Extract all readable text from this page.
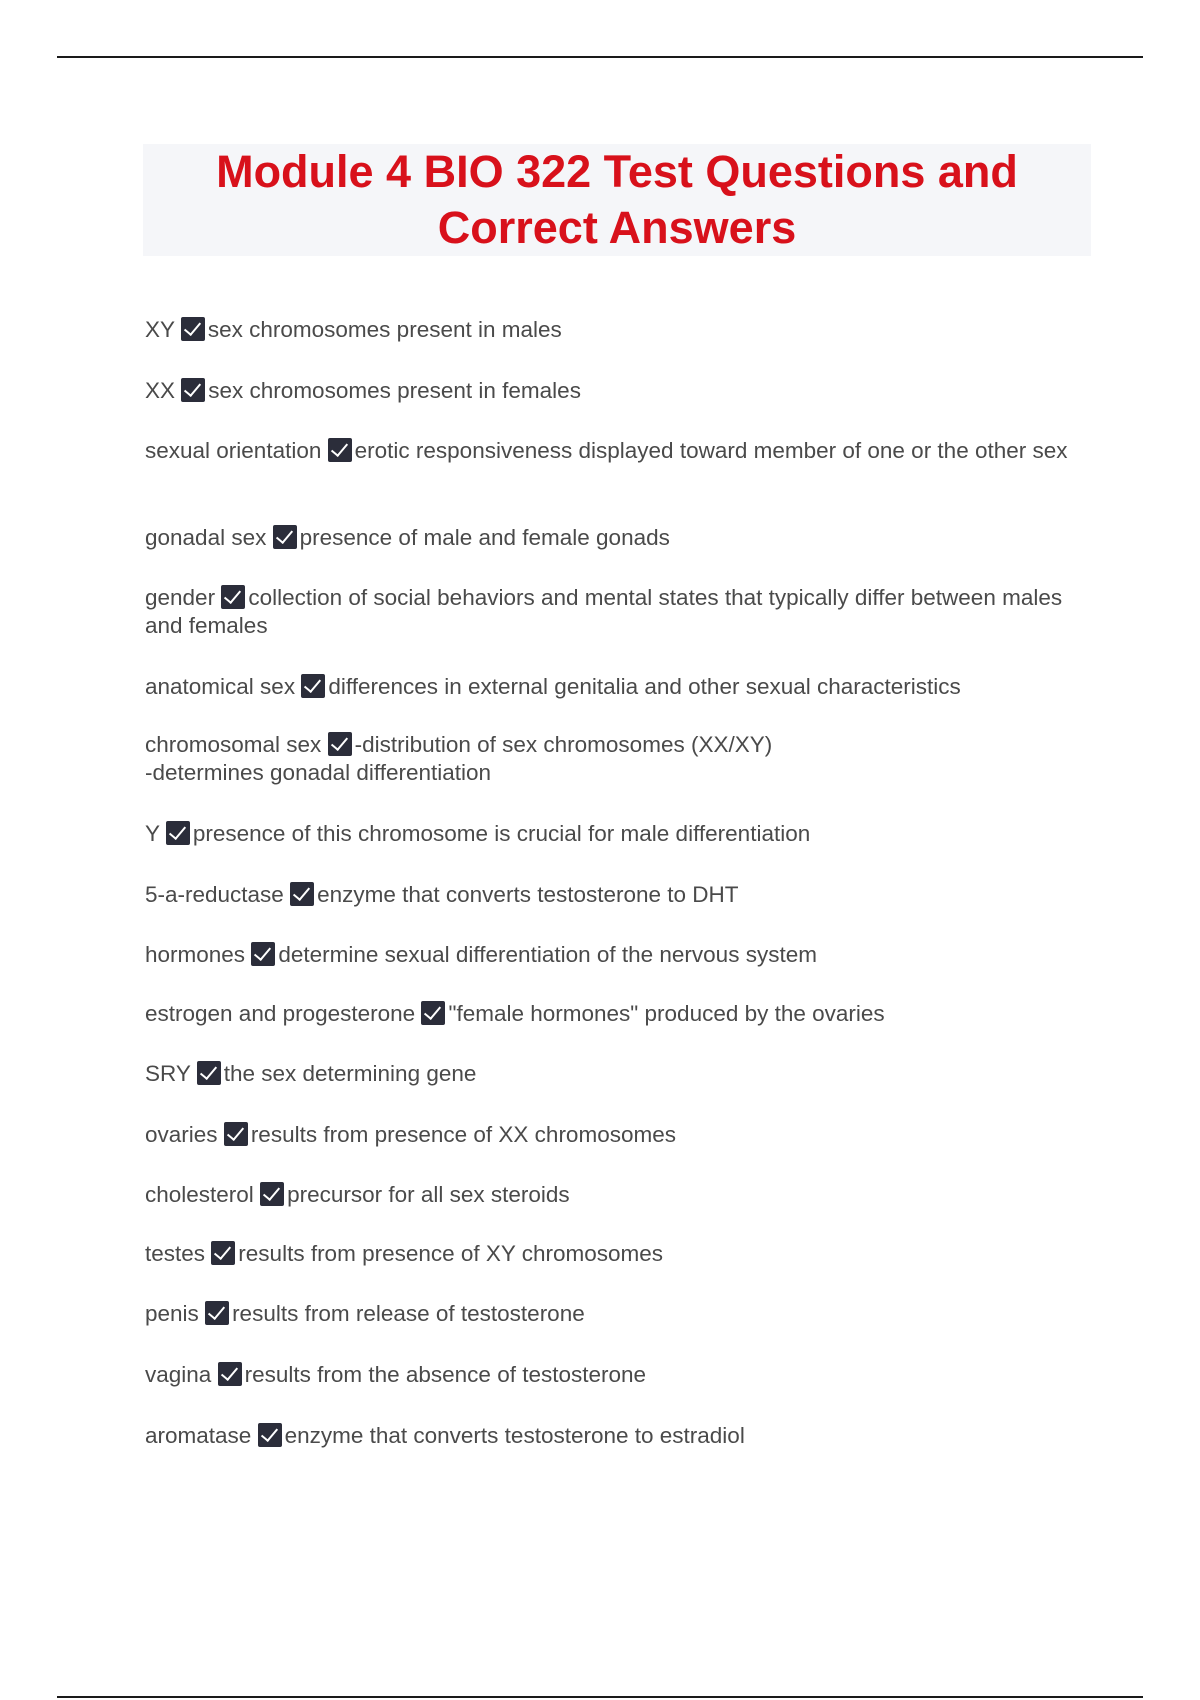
Module 4 BIO 322 Test Questions and
Correct Answers
XY sex chromosomes present in males
XX sex chromosomes present in females
sexual orientation erotic responsiveness displayed toward member of one or the other sex
gonadal sex presence of male and female gonads
gender collection of social behaviors and mental states that typically differ between males and females
anatomical sex differences in external genitalia and other sexual characteristics
chromosomal sex -distribution of sex chromosomes (XX/XY)
-determines gonadal differentiation
Y presence of this chromosome is crucial for male differentiation
5-a-reductase enzyme that converts testosterone to DHT
hormones determine sexual differentiation of the nervous system
estrogen and progesterone "female hormones" produced by the ovaries
SRY the sex determining gene
ovaries results from presence of XX chromosomes
cholesterol precursor for all sex steroids
testes results from presence of XY chromosomes
penis results from release of testosterone
vagina results from the absence of testosterone
aromatase enzyme that converts testosterone to estradiol
